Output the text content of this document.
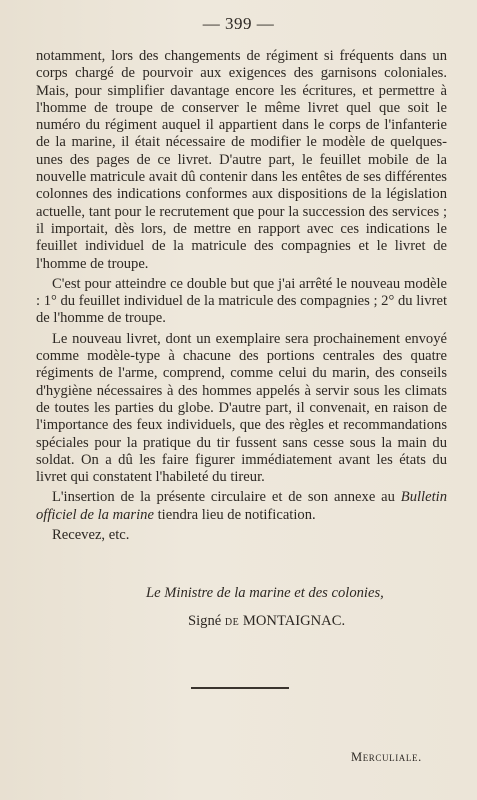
— 399 —

notamment, lors des changements de régiment si fréquents dans un corps chargé de pourvoir aux exigences des garnisons coloniales. Mais, pour simplifier davantage encore les écritures, et permettre à l'homme de troupe de conserver le même livret quel que soit le numéro du régiment auquel il appartient dans le corps de l'infanterie de la marine, il était nécessaire de modifier le modèle de quelques-unes des pages de ce livret. D'autre part, le feuillet mobile de la nouvelle matricule avait dû contenir dans les entêtes de ses différentes colonnes des indications conformes aux dispositions de la législation actuelle, tant pour le recrutement que pour la succession des services ; il importait, dès lors, de mettre en rapport avec ces indications le feuillet individuel de la matricule des compagnies et le livret de l'homme de troupe.

C'est pour atteindre ce double but que j'ai arrêté le nouveau modèle : 1° du feuillet individuel de la matricule des compagnies ; 2° du livret de l'homme de troupe.

Le nouveau livret, dont un exemplaire sera prochainement envoyé comme modèle-type à chacune des portions centrales des quatre régiments de l'arme, comprend, comme celui du marin, des conseils d'hygiène nécessaires à des hommes appelés à servir sous les climats de toutes les parties du globe. D'autre part, il convenait, en raison de l'importance des feux individuels, que des règles et recommandations spéciales pour la pratique du tir fussent sans cesse sous la main du soldat. On a dû les faire figurer immédiatement avant les états du livret qui constatent l'habileté du tireur.

L'insertion de la présente circulaire et de son annexe au Bulletin officiel de la marine tiendra lieu de notification.

Recevez, etc.

Le Ministre de la marine et des colonies,
Signé de MONTAIGNAC.
Merculiale.
